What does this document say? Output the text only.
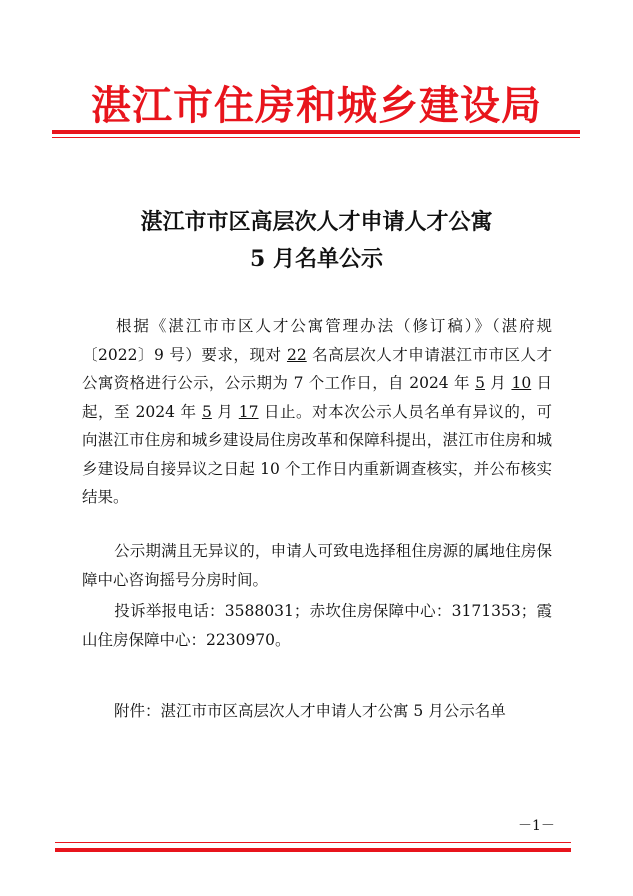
湛江市住房和城乡建设局
湛江市市区高层次人才申请人才公寓
5 月名单公示
根据《湛江市市区人才公寓管理办法（修订稿）》（湛府规〔2022〕9 号）要求，现对 22 名高层次人才申请湛江市市区人才公寓资格进行公示，公示期为 7 个工作日，自 2024 年 5 月 10 日起，至 2024 年 5 月 17 日止。对本次公示人员名单有异议的，可向湛江市住房和城乡建设局住房改革和保障科提出，湛江市住房和城乡建设局自接异议之日起 10 个工作日内重新调查核实，并公布核实结果。
公示期满且无异议的，申请人可致电选择租住房源的属地住房保障中心咨询摇号分房时间。
投诉举报电话：3588031；赤坎住房保障中心：3171353；霞山住房保障中心：2230970。
附件：湛江市市区高层次人才申请人才公寓 5 月公示名单
－1－
